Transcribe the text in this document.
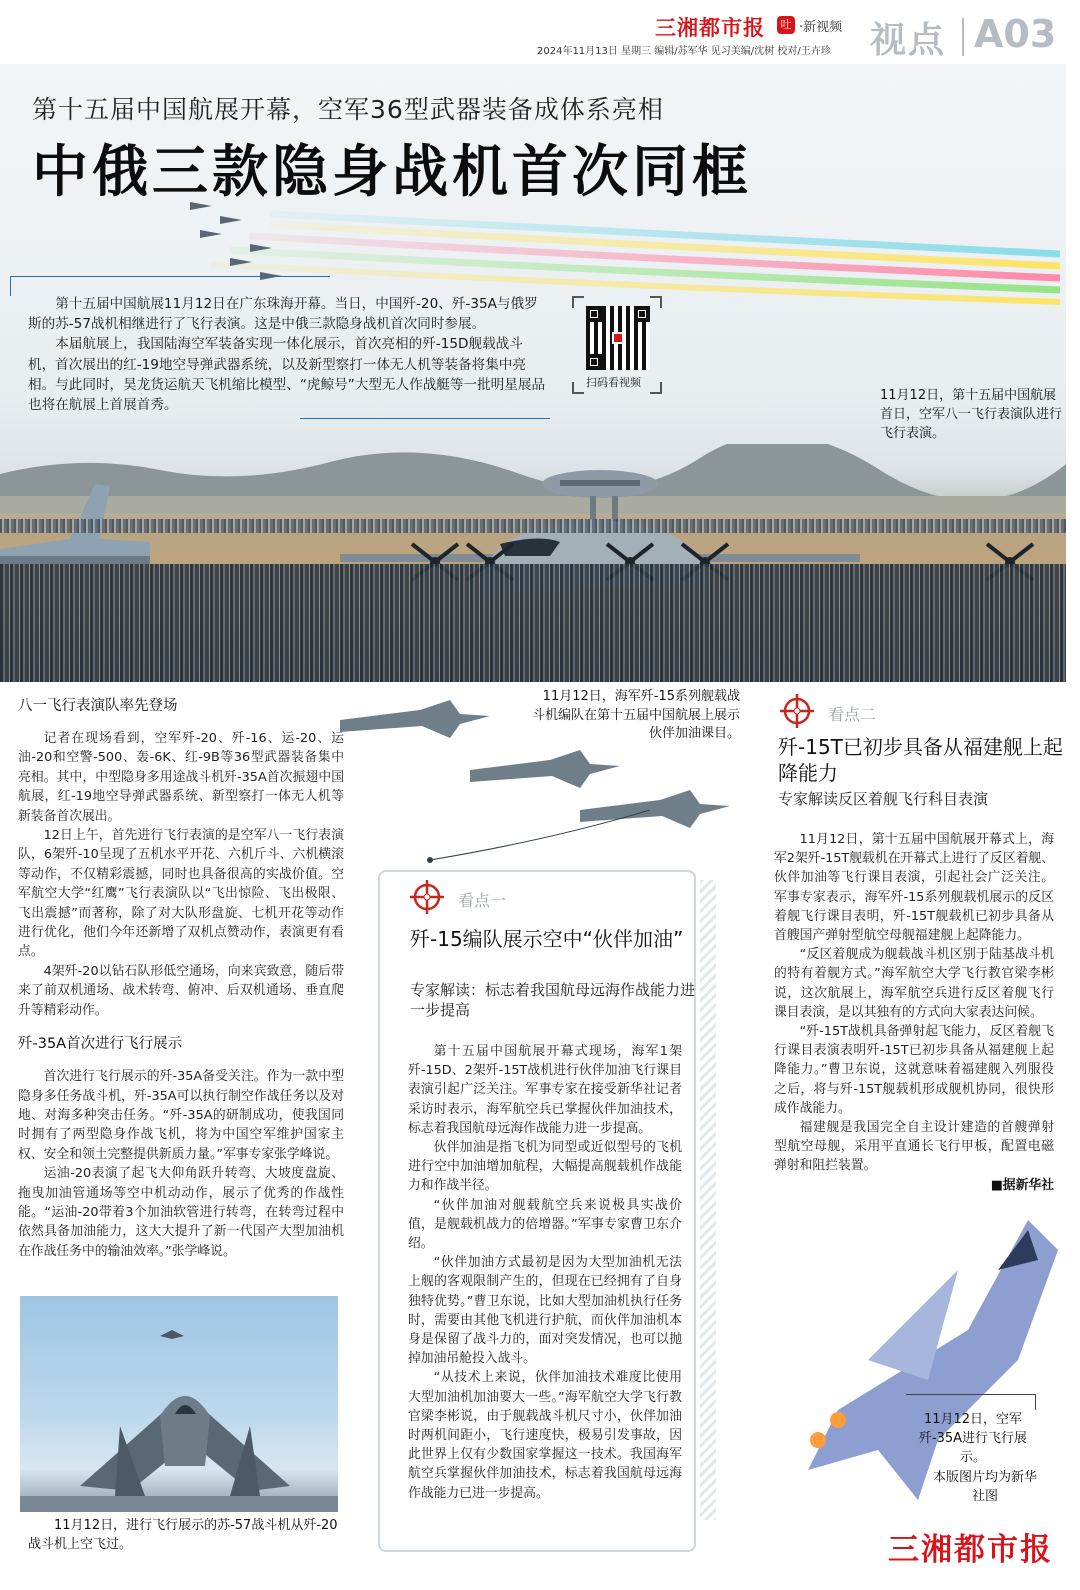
三湘都市报	吐 ·新视频
2024年11月13日 星期三 编辑/苏军华 见习美编/沈树 校对/王卉珍 视点 A03
第十五届中国航展开幕，空军36型武器装备成体系亮相
中俄三款隐身战机首次同框

第十五届中国航展11月12日在广东珠海开幕。当日，中国歼-20、歼-35A与俄罗斯的苏-57战机相继进行了飞行表演。这是中俄三款隐身战机首次同时参展。

本届航展上，我国陆海空军装备实现一体化展示，首次亮相的歼-15D舰载战斗机，首次展出的红-19地空导弹武器系统，以及新型察打一体无人机等装备将集中亮相。与此同时，昊龙货运航天飞机缩比模型、“虎鲸号”大型无人作战艇等一批明星展品也将在航展上首展首秀。

扫码看视频
11月12日，第十五届中国航展首日，空军八一飞行表演队进行飞行表演。
八一飞行表演队率先登场

记者在现场看到，空军歼-20、歼-16、运-20、运油-20和空警-500、轰-6K、红-9B等36型武器装备集中亮相。其中，中型隐身多用途战斗机歼-35A首次振翅中国航展，红-19地空导弹武器系统、新型察打一体无人机等新装备首次展出。

12日上午，首先进行飞行表演的是空军八一飞行表演队，6架歼-10呈现了五机水平开花、六机斤斗、六机横滚等动作，不仅精彩震撼，同时也具备很高的实战价值。空军航空大学“红鹰”飞行表演队以“飞出惊险、飞出极限、飞出震撼”而著称，除了对大队形盘旋、七机开花等动作进行优化，他们今年还新增了双机点赞动作，表演更有看点。

4架歼-20以钻石队形低空通场，向来宾致意，随后带来了前双机通场、战术转弯、俯冲、后双机通场、垂直爬升等精彩动作。

歼-35A首次进行飞行展示

首次进行飞行展示的歼-35A备受关注。作为一款中型隐身多任务战斗机，歼-35A可以执行制空作战任务以及对地、对海多种突击任务。“歼-35A的研制成功，使我国同时拥有了两型隐身作战飞机，将为中国空军维护国家主权、安全和领土完整提供新质力量。”军事专家张学峰说。

运油-20表演了起飞大仰角跃升转弯、大坡度盘旋、拖曳加油管通场等空中机动动作，展示了优秀的作战性能。“运油-20带着3个加油软管进行转弯，在转弯过程中依然具备加油能力，这大大提升了新一代国产大型加油机在作战任务中的输油效率。”张学峰说。

11月12日，进行飞行展示的苏-57战斗机从歼-20战斗机上空飞过。
11月12日，海军歼-15系列舰载战斗机编队在第十五届中国航展上展示伙伴加油课目。
看点一
歼-15编队展示空中“伙伴加油”
专家解读：标志着我国航母远海作战能力进一步提高

第十五届中国航展开幕式现场，海军1架歼-15D、2架歼-15T战机进行伙伴加油飞行课目表演引起广泛关注。军事专家在接受新华社记者采访时表示，海军航空兵已掌握伙伴加油技术，标志着我国航母远海作战能力进一步提高。

伙伴加油是指飞机为同型或近似型号的飞机进行空中加油增加航程，大幅提高舰载机作战能力和作战半径。

“伙伴加油对舰载航空兵来说极具实战价值，是舰载机战力的倍增器。”军事专家曹卫东介绍。

“伙伴加油方式最初是因为大型加油机无法上舰的客观限制产生的，但现在已经拥有了自身独特优势。”曹卫东说，比如大型加油机执行任务时，需要由其他飞机进行护航，而伙伴加油机本身是保留了战斗力的，面对突发情况，也可以抛掉加油吊舱投入战斗。

“从技术上来说，伙伴加油技术难度比使用大型加油机加油要大一些。”海军航空大学飞行教官梁李彬说，由于舰载战斗机尺寸小，伙伴加油时两机间距小，飞行速度快，极易引发事故，因此世界上仅有少数国家掌握这一技术。我国海军航空兵掌握伙伴加油技术，标志着我国航母远海作战能力已进一步提高。

看点二
歼-15T已初步具备从福建舰上起降能力
专家解读反区着舰飞行科目表演

11月12日，第十五届中国航展开幕式上，海军2架歼-15T舰载机在开幕式上进行了反区着舰、伙伴加油等飞行课目表演，引起社会广泛关注。军事专家表示，海军歼-15系列舰载机展示的反区着舰飞行课目表明，歼-15T舰载机已初步具备从首艘国产弹射型航空母舰福建舰上起降能力。

“反区着舰成为舰载战斗机区别于陆基战斗机的特有着舰方式。”海军航空大学飞行教官梁李彬说，这次航展上，海军航空兵进行反区着舰飞行课目表演，是以其独有的方式向大家表达问候。

“歼-15T战机具备弹射起飞能力，反区着舰飞行课目表演表明歼-15T已初步具备从福建舰上起降能力。”曹卫东说，这就意味着福建舰入列服役之后，将与歼-15T舰载机形成舰机协同，很快形成作战能力。

福建舰是我国完全自主设计建造的首艘弹射型航空母舰，采用平直通长飞行甲板，配置电磁弹射和阻拦装置。

■据新华社
11月12日，空军歼-35A进行飞行展示。
本版图片均为新华社图
三湘都市报
